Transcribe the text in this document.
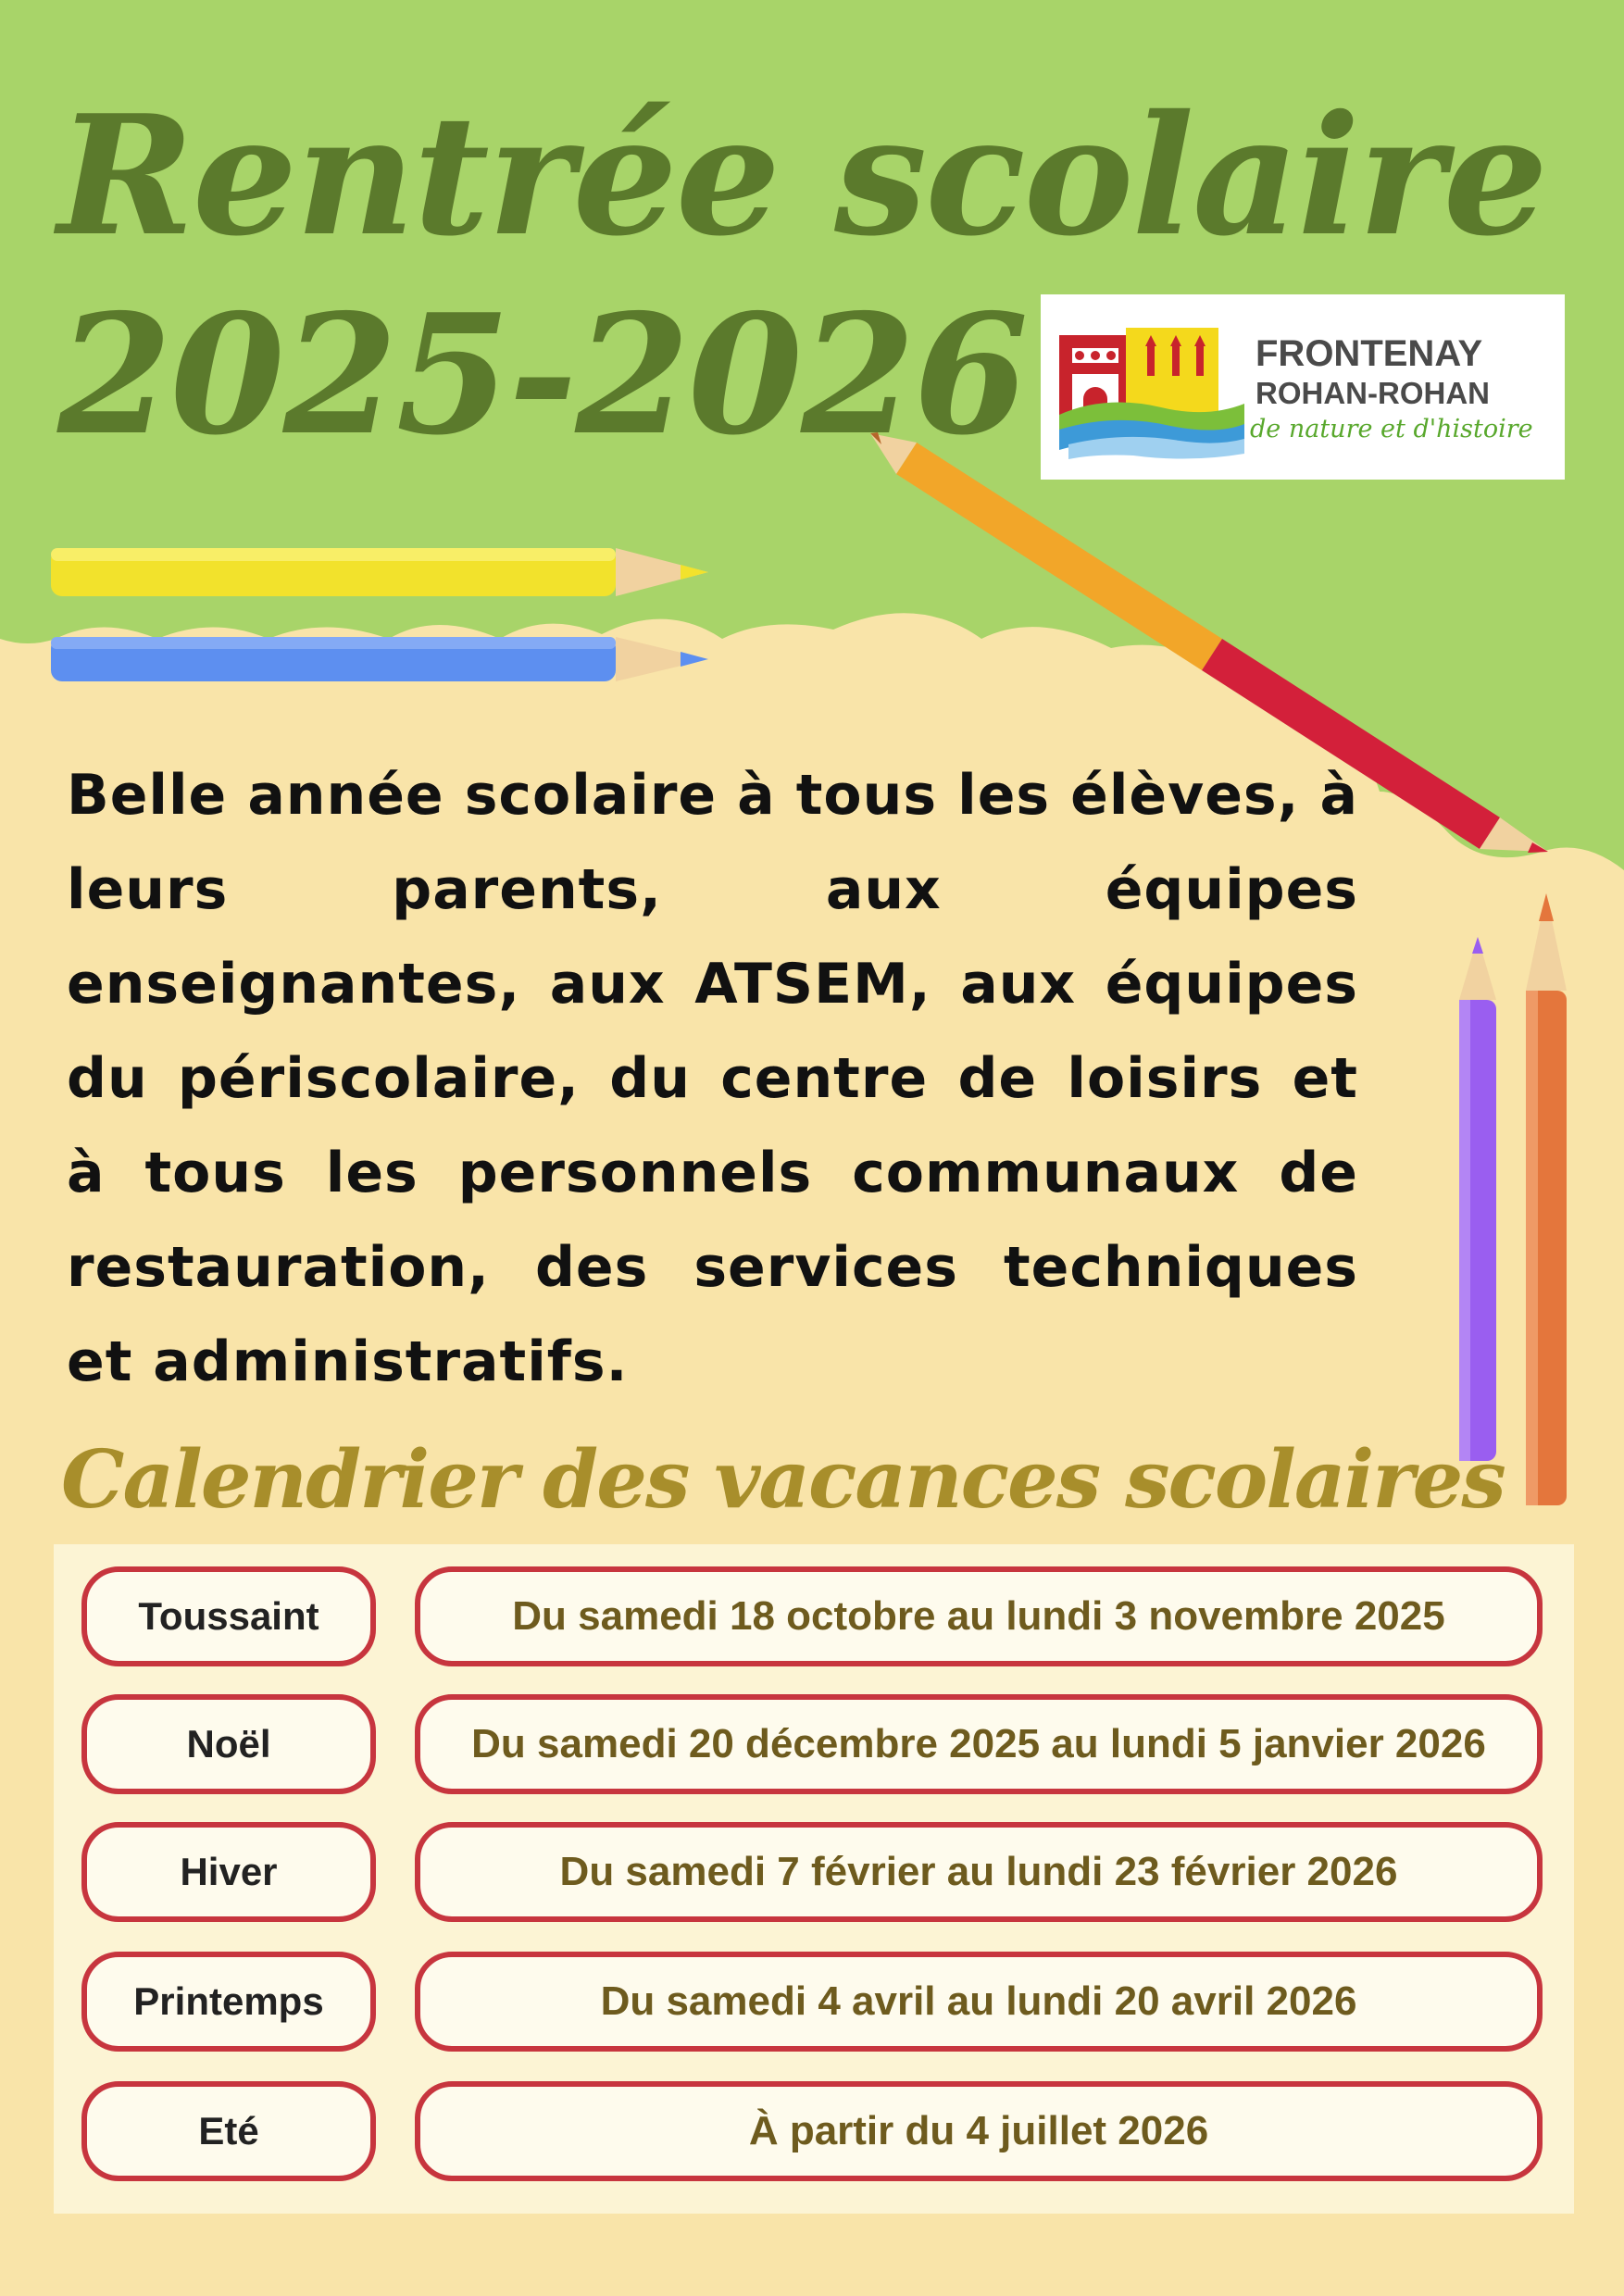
Rentrée scolaire
2025-2026	FRONTENAY
ROHAN-ROHAN
de nature et d'histoire

Belle année scolaire à tous les élèves, à leurs parents, aux équipes enseignantes, aux ATSEM, aux équipes du périscolaire, du centre de loisirs et à tous les personnels communaux de restauration, des services techniques et administratifs.

Calendrier des vacances scolaires
Toussaint	Du samedi 18 octobre au lundi 3 novembre 2025
Noël	Du samedi 20 décembre 2025 au lundi 5 janvier 2026
Hiver	Du samedi 7 février au lundi 23 février 2026
Printemps	Du samedi 4 avril au lundi 20 avril 2026
Eté	À partir du 4 juillet 2026
